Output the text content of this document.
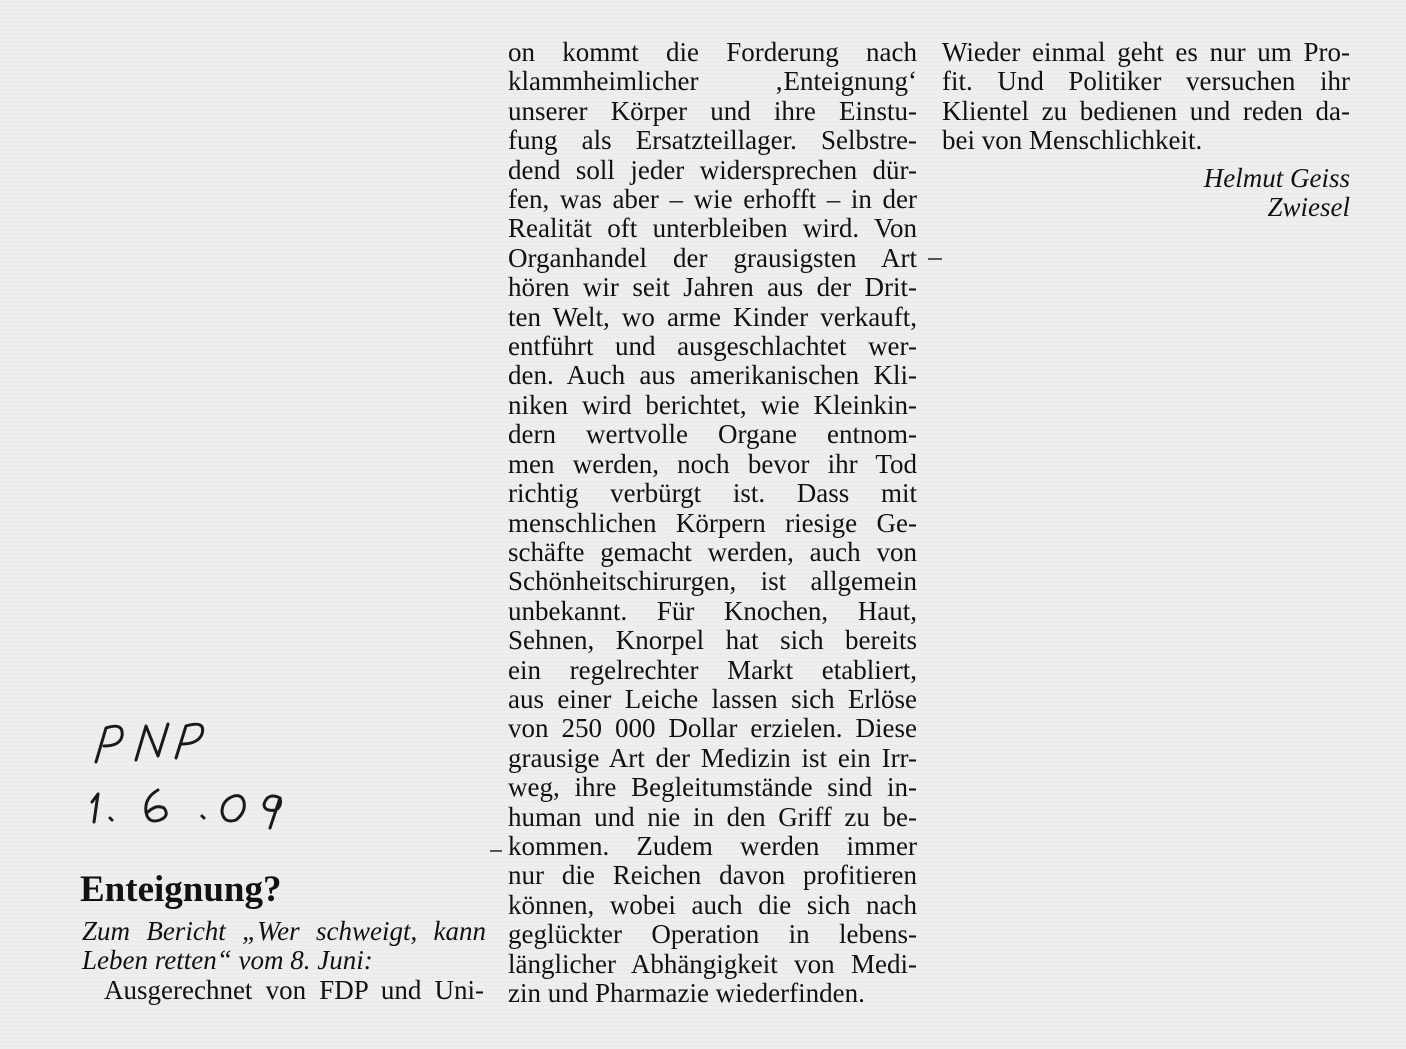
PNP
Enteignung?
Zum Bericht „Wer schweigt, kann
Leben retten“ vom 8. Juni:
Ausgerechnet von FDP und Uni-
on kommt die Forderung nach
klammheimlicher ‚Enteignung‘
unserer Körper und ihre Einstu-
fung als Ersatzteillager. Selbstre-
dend soll jeder widersprechen dür-
fen, was aber – wie erhofft – in der
Realität oft unterbleiben wird. Von
Organhandel der grausigsten Art
hören wir seit Jahren aus der Drit-
ten Welt, wo arme Kinder verkauft,
entführt und ausgeschlachtet wer-
den. Auch aus amerikanischen Kli-
niken wird berichtet, wie Kleinkin-
dern wertvolle Organe entnom-
men werden, noch bevor ihr Tod
richtig verbürgt ist. Dass mit
menschlichen Körpern riesige Ge-
schäfte gemacht werden, auch von
Schönheitschirurgen, ist allgemein
unbekannt. Für Knochen, Haut,
Sehnen, Knorpel hat sich bereits
ein regelrechter Markt etabliert,
aus einer Leiche lassen sich Erlöse
von 250 000 Dollar erzielen. Diese
grausige Art der Medizin ist ein Irr-
weg, ihre Begleitumstände sind in-
human und nie in den Griff zu be-
kommen. Zudem werden immer
nur die Reichen davon profitieren
können, wobei auch die sich nach
geglückter Operation in lebens-
länglicher Abhängigkeit von Medi-
zin und Pharmazie wiederfinden.
Wieder einmal geht es nur um Pro-
fit. Und Politiker versuchen ihr
Klientel zu bedienen und reden da-
bei von Menschlichkeit.
Helmut Geiss
Zwiesel
